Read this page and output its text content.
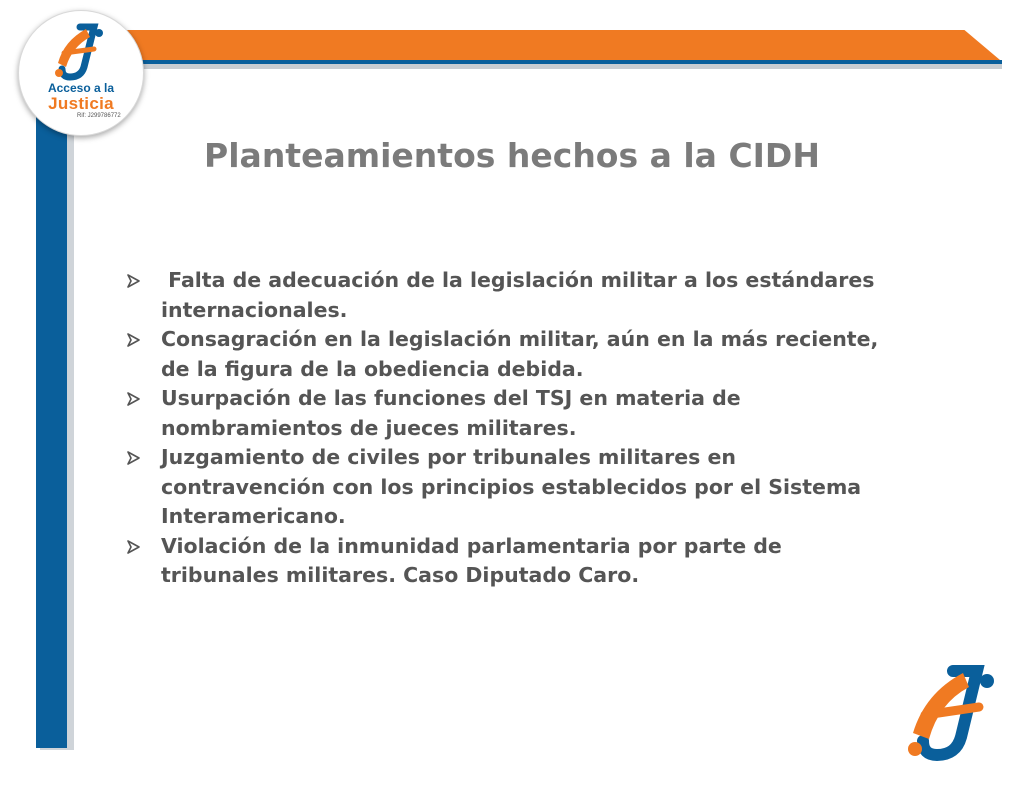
Acceso a la
Justicia
Rif: J299786772
Planteamientos hechos a la CIDH
Falta de adecuación de la legislación militar a los estándares internacionales.
Consagración en la legislación militar, aún en la más reciente, de la figura de la obediencia debida.
Usurpación de las funciones del TSJ en materia de nombramientos de jueces militares.
Juzgamiento de civiles por tribunales militares en contravención con los principios establecidos por el Sistema Interamericano.
Violación de la inmunidad parlamentaria por parte de tribunales militares. Caso Diputado Caro.
